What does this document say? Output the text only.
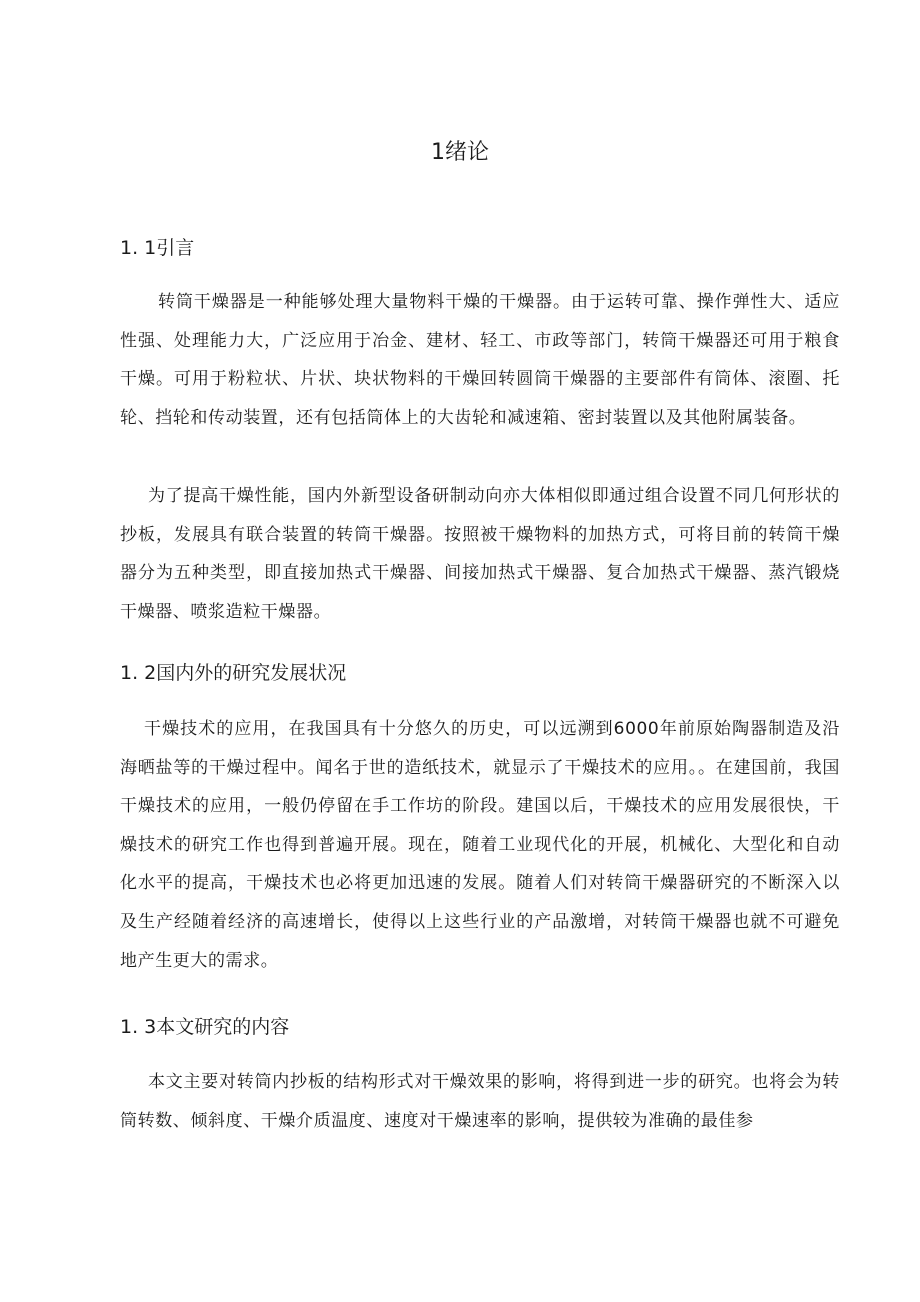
1绪论
1. 1引言

转筒干燥器是一种能够处理大量物料干燥的干燥器。由于运转可靠、操作弹性大、适应性强、处理能力大，广泛应用于冶金、建材、轻工、市政等部门，转筒干燥器还可用于粮食干燥。可用于粉粒状、片状、块状物料的干燥回转圆筒干燥器的主要部件有筒体、滚圈、托轮、挡轮和传动装置，还有包括筒体上的大齿轮和减速箱、密封装置以及其他附属装备。

为了提高干燥性能，国内外新型设备研制动向亦大体相似即通过组合设置不同几何形状的抄板，发展具有联合装置的转筒干燥器。按照被干燥物料的加热方式，可将目前的转筒干燥器分为五种类型，即直接加热式干燥器、间接加热式干燥器、复合加热式干燥器、蒸汽锻烧干燥器、喷浆造粒干燥器。

1. 2国内外的研究发展状况

干燥技术的应用，在我国具有十分悠久的历史，可以远溯到6000年前原始陶器制造及沿海晒盐等的干燥过程中。闻名于世的造纸技术，就显示了干燥技术的应用。。在建国前，我国干燥技术的应用，一般仍停留在手工作坊的阶段。建国以后，干燥技术的应用发展很快，干燥技术的研究工作也得到普遍开展。现在，随着工业现代化的开展，机械化、大型化和自动化水平的提高，干燥技术也必将更加迅速的发展。随着人们对转筒干燥器研究的不断深入以及生产经随着经济的高速增长，使得以上这些行业的产品激增，对转筒干燥器也就不可避免地产生更大的需求。

1. 3本文研究的内容

本文主要对转筒内抄板的结构形式对干燥效果的影响，将得到进一步的研究。也将会为转筒转数、倾斜度、干燥介质温度、速度对干燥速率的影响，提供较为准确的最佳参
